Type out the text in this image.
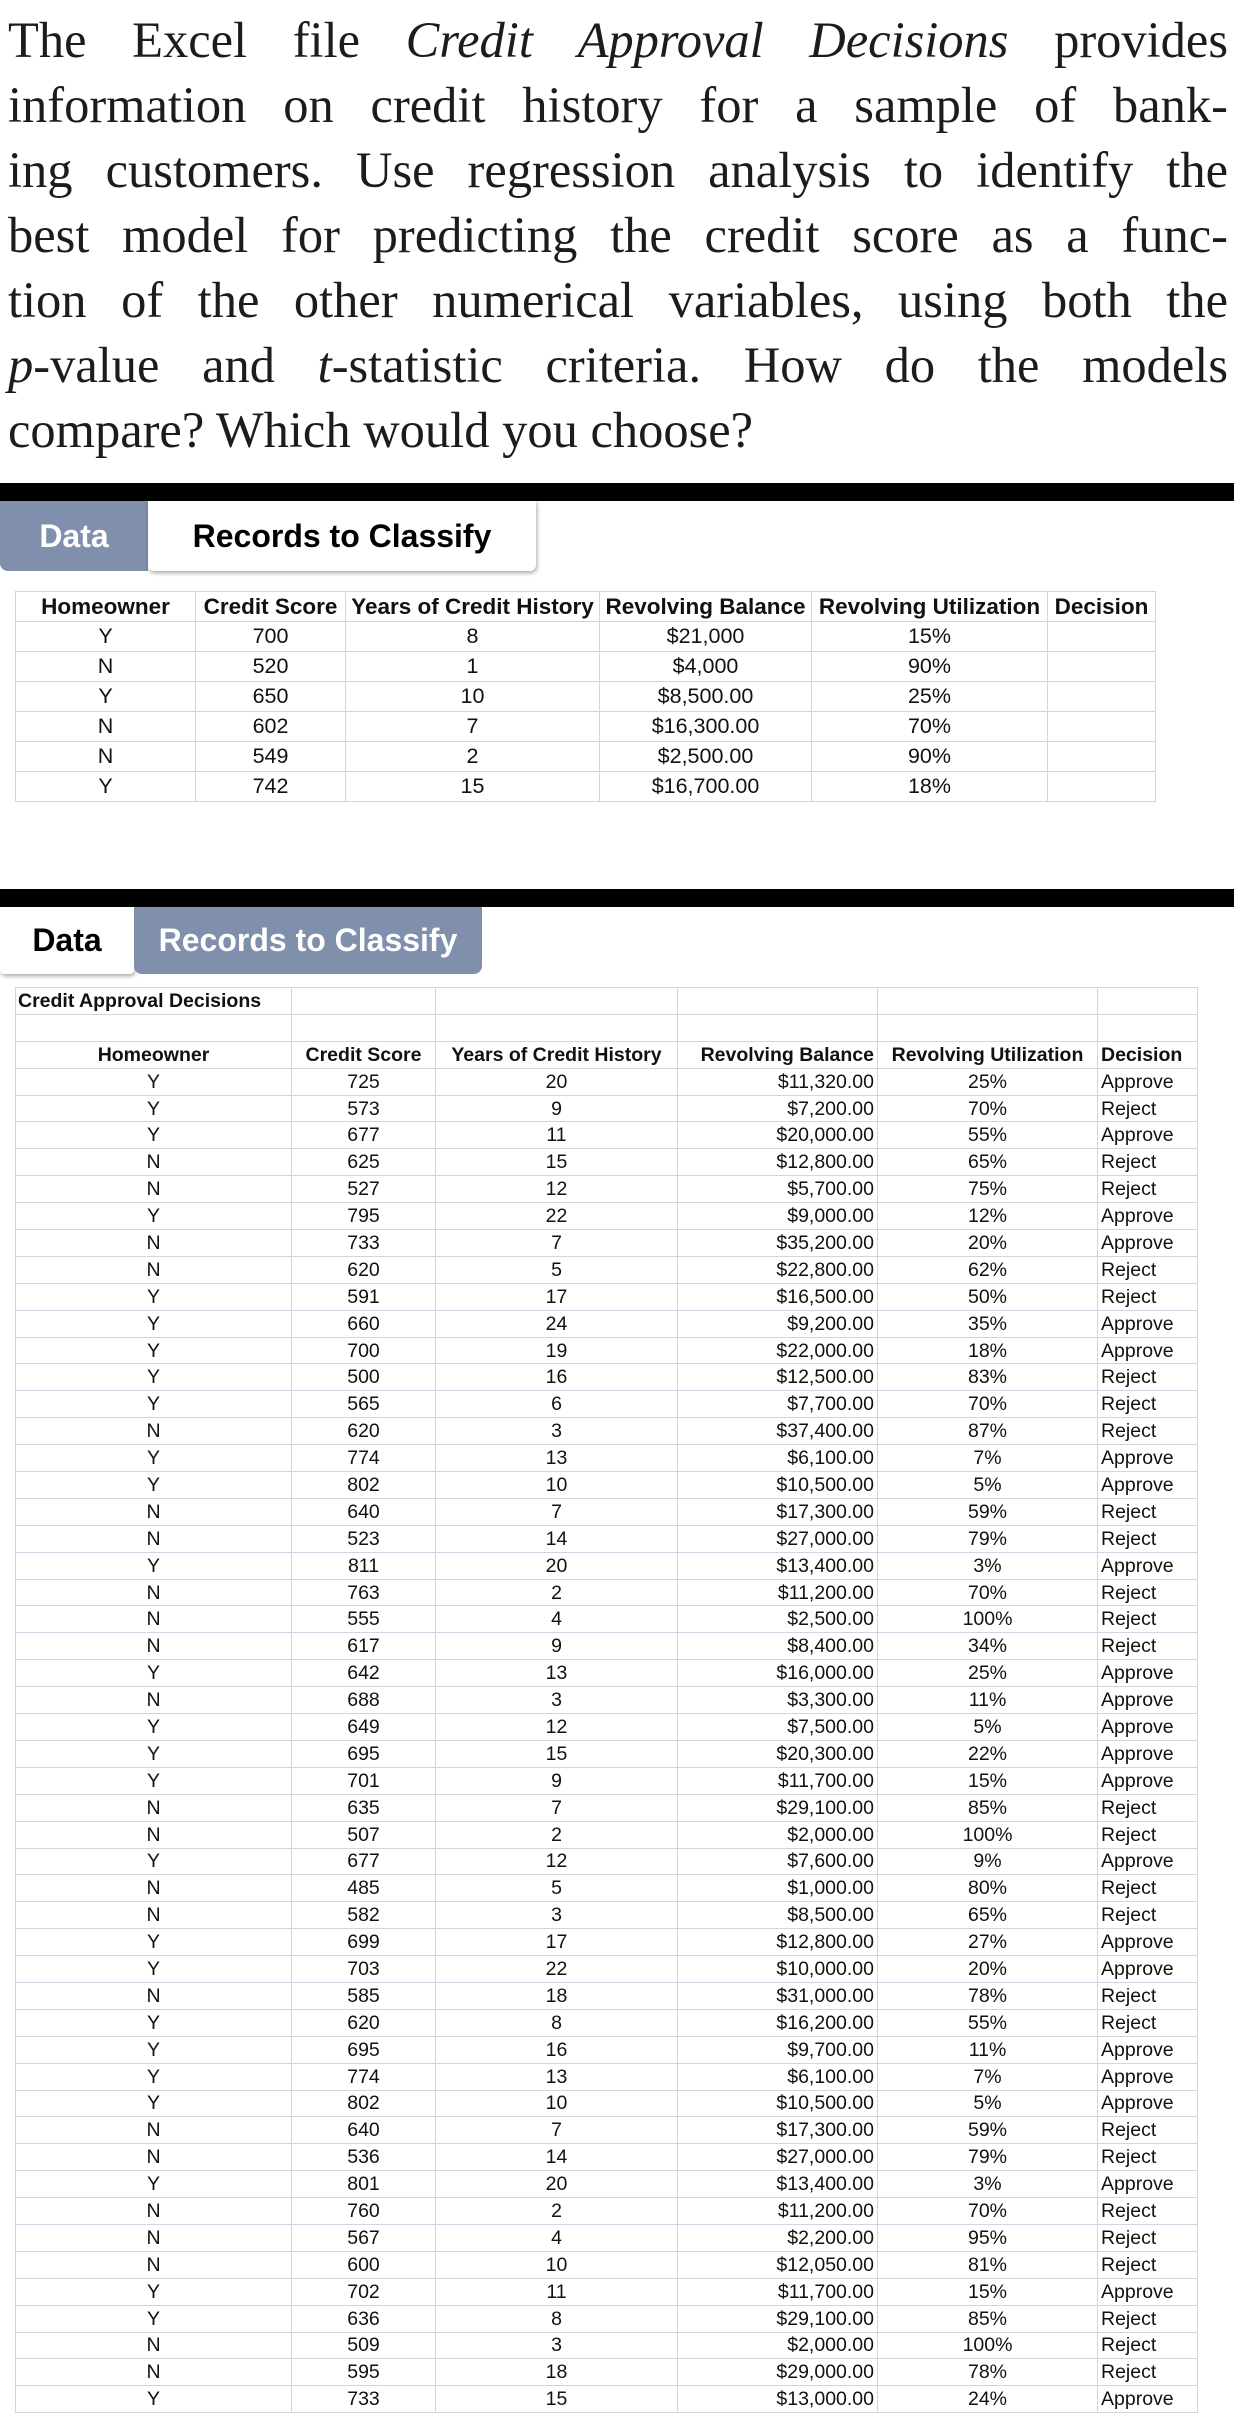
The Excel file Credit Approval Decisions provides
information on credit history for a sample of bank-
ing customers. Use regression analysis to identify the
best model for predicting the credit score as a func-
tion of the other numerical variables, using both the
p-value and t-statistic criteria. How do the models
compare? Which would you choose?
Data	Records to Classify
Homeowner	Credit Score	Years of Credit History	Revolving Balance	Revolving Utilization	Decision
Y	700	8	$21,000	15%	
N	520	1	$4,000	90%	
Y	650	10	$8,500.00	25%	
N	602	7	$16,300.00	70%	
N	549	2	$2,500.00	90%	
Y	742	15	$16,700.00	18%	
Data	Records to Classify
Credit Approval Decisions					

Homeowner	Credit Score	Years of Credit History	Revolving Balance	Revolving Utilization	Decision
Y	725	20	$11,320.00	25%	Approve
Y	573	9	$7,200.00	70%	Reject
Y	677	11	$20,000.00	55%	Approve
N	625	15	$12,800.00	65%	Reject
N	527	12	$5,700.00	75%	Reject
Y	795	22	$9,000.00	12%	Approve
N	733	7	$35,200.00	20%	Approve
N	620	5	$22,800.00	62%	Reject
Y	591	17	$16,500.00	50%	Reject
Y	660	24	$9,200.00	35%	Approve
Y	700	19	$22,000.00	18%	Approve
Y	500	16	$12,500.00	83%	Reject
Y	565	6	$7,700.00	70%	Reject
N	620	3	$37,400.00	87%	Reject
Y	774	13	$6,100.00	7%	Approve
Y	802	10	$10,500.00	5%	Approve
N	640	7	$17,300.00	59%	Reject
N	523	14	$27,000.00	79%	Reject
Y	811	20	$13,400.00	3%	Approve
N	763	2	$11,200.00	70%	Reject
N	555	4	$2,500.00	100%	Reject
N	617	9	$8,400.00	34%	Reject
Y	642	13	$16,000.00	25%	Approve
N	688	3	$3,300.00	11%	Approve
Y	649	12	$7,500.00	5%	Approve
Y	695	15	$20,300.00	22%	Approve
Y	701	9	$11,700.00	15%	Approve
N	635	7	$29,100.00	85%	Reject
N	507	2	$2,000.00	100%	Reject
Y	677	12	$7,600.00	9%	Approve
N	485	5	$1,000.00	80%	Reject
N	582	3	$8,500.00	65%	Reject
Y	699	17	$12,800.00	27%	Approve
Y	703	22	$10,000.00	20%	Approve
N	585	18	$31,000.00	78%	Reject
Y	620	8	$16,200.00	55%	Reject
Y	695	16	$9,700.00	11%	Approve
Y	774	13	$6,100.00	7%	Approve
Y	802	10	$10,500.00	5%	Approve
N	640	7	$17,300.00	59%	Reject
N	536	14	$27,000.00	79%	Reject
Y	801	20	$13,400.00	3%	Approve
N	760	2	$11,200.00	70%	Reject
N	567	4	$2,200.00	95%	Reject
N	600	10	$12,050.00	81%	Reject
Y	702	11	$11,700.00	15%	Approve
Y	636	8	$29,100.00	85%	Reject
N	509	3	$2,000.00	100%	Reject
N	595	18	$29,000.00	78%	Reject
Y	733	15	$13,000.00	24%	Approve
